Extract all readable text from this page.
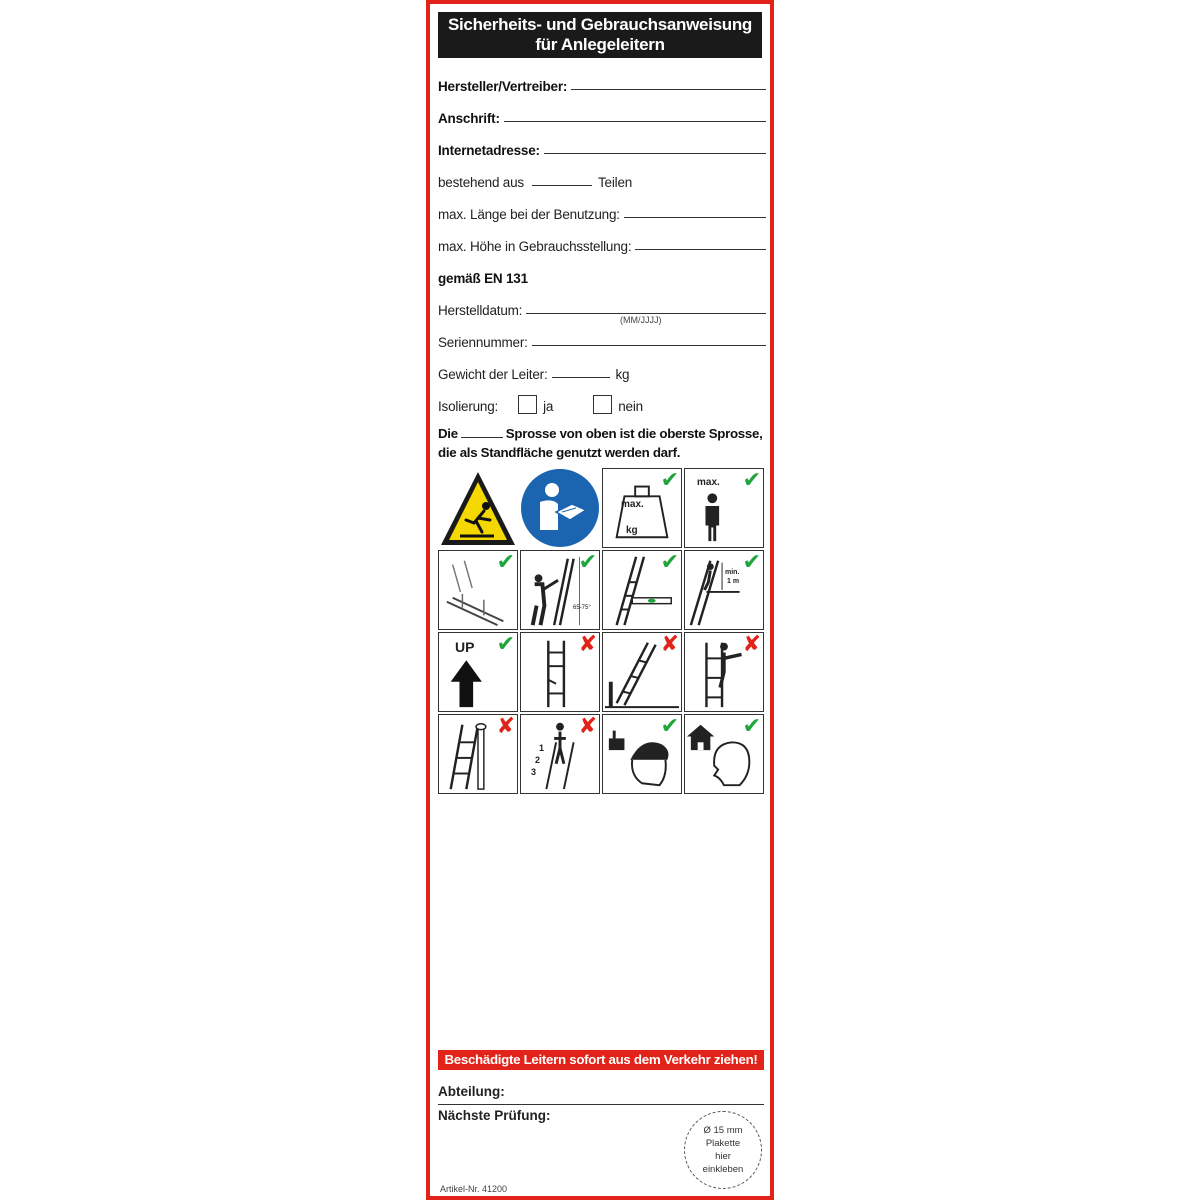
Sicherheits- und Gebrauchsanweisung
für Anlegeleitern
Hersteller/Vertreiber:
Anschrift:
Internetadresse:
bestehend aus	Teilen
max. Länge bei der Benutzung:
max. Höhe in Gebrauchsstellung:
gemäß EN 131
Herstelldatum:
(MM/JJJJ)
Seriennummer:
Gewicht der Leiter:	kg
Isolierung:	ja	nein
Die	Sprosse von oben ist die oberste Sprosse,
die als Standfläche genutzt werden darf.
max.
kg
✔ max. ✔
✔
65-75°
✔	✔	min.
1 m
✔
UP ✔	✘	✘	✘
✘
1
2
3
✘	✔	✔
Beschädigte Leitern sofort aus dem Verkehr ziehen!
Abteilung:
Nächste Prüfung:
Ø 15 mm
Plakette
hier
einkleben
Artikel-Nr. 41200
